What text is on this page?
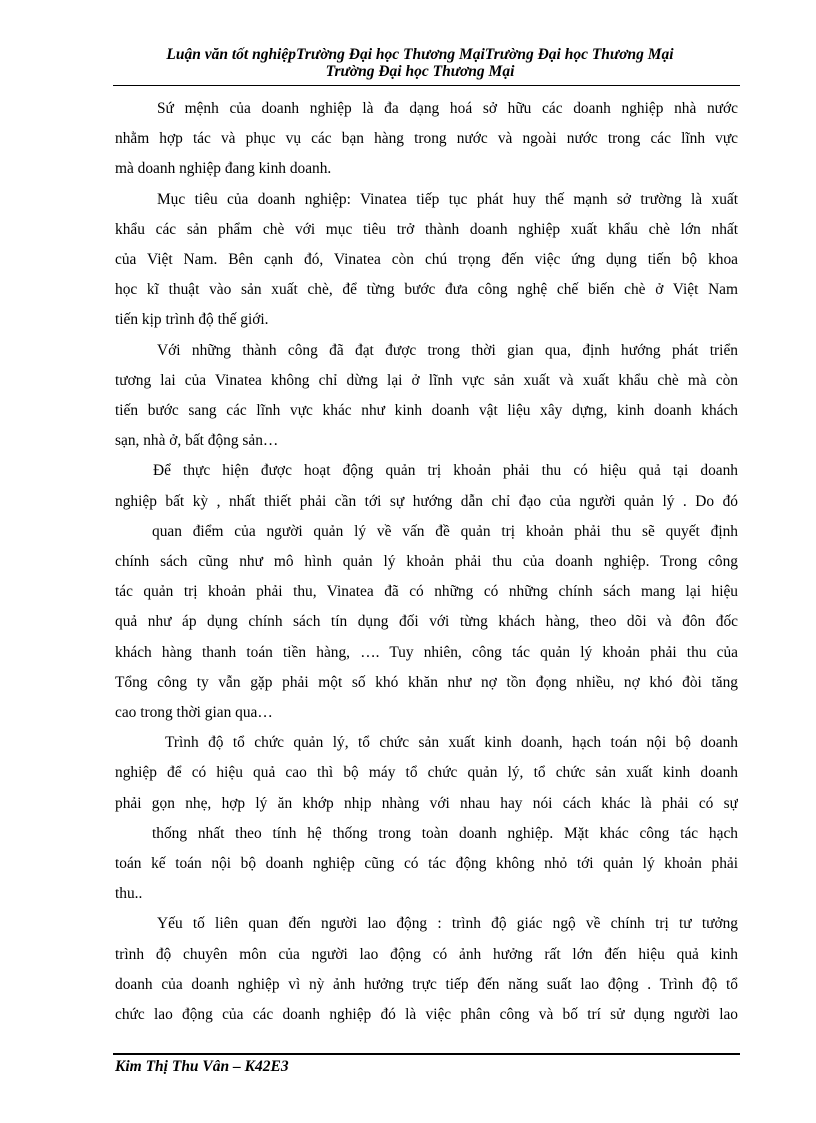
Luận văn tốt nghiệpTrường Đại học Thương MạiTrường Đại học Thương Mại
Trường Đại học Thương Mại
Sứ mệnh của doanh nghiệp là đa dạng hoá sở hữu các doanh nghiệp nhà nước
nhằm hợp tác và phục vụ các bạn hàng trong nước và ngoài nước trong các lĩnh vực
mà doanh nghiệp đang kinh doanh.
Mục tiêu của doanh nghiệp: Vinatea tiếp tục phát huy thế mạnh sở trường là xuất
khẩu các sản phẩm chè với mục tiêu trở thành doanh nghiệp xuất khẩu chè lớn nhất
của Việt Nam. Bên cạnh đó, Vinatea còn chú trọng đến việc ứng dụng tiến bộ khoa
học kĩ thuật vào sản xuất chè, để từng bước đưa công nghệ chế biến chè ở Việt Nam
tiến kịp trình độ thế giới.
Với những thành công đã đạt được trong thời gian qua, định hướng phát triển
tương lai của Vinatea không chỉ dừng lại ở lĩnh vực sản xuất và xuất khẩu chè mà còn
tiến bước sang các lĩnh vực khác như kinh doanh vật liệu xây dựng, kinh doanh khách
sạn, nhà ở, bất động sản…
Để thực hiện được hoạt động quản trị khoản phải thu có hiệu quả tại doanh
nghiệp bất kỳ , nhất thiết phải cần tới sự hướng dẫn chỉ đạo của người quản lý . Do đó
quan điểm của người quản lý về vấn đề quản trị khoản phải thu sẽ quyết định
chính sách cũng như mô hình quản lý khoản phải thu của doanh nghiệp. Trong công
tác quản trị khoản phải thu, Vinatea đã có những có những chính sách mang lại hiệu
quả như áp dụng chính sách tín dụng đối với từng khách hàng, theo dõi và đôn đốc
khách hàng thanh toán tiền hàng, …. Tuy nhiên, công tác quản lý khoản phải thu của
Tổng công ty vẫn gặp phải một số khó khăn như nợ tồn đọng nhiều, nợ khó đòi tăng
cao trong thời gian qua…
Trình độ tổ chức quản lý, tổ chức sản xuất kinh doanh, hạch toán nội bộ doanh
nghiệp để có hiệu quả cao thì bộ máy tổ chức quản lý, tổ chức sản xuất kinh doanh
phải gọn nhẹ, hợp lý ăn khớp nhịp nhàng với nhau hay nói cách khác là phải có sự
thống nhất theo tính hệ thống trong toàn doanh nghiệp. Mặt khác công tác hạch
toán kế toán nội bộ doanh nghiệp cũng có tác động không nhỏ tới quản lý khoản phải
thu..
Yếu tố liên quan đến người lao động : trình độ giác ngộ về chính trị tư tưởng
trình độ chuyên môn của người lao động có ảnh hưởng rất lớn đến hiệu quả kinh
doanh của doanh nghiệp vì nỳ ảnh hưởng trực tiếp đến năng suất lao động . Trình độ tổ
chức lao động của các doanh nghiệp đó là việc phân công và bố trí sử dụng người lao
Kim Thị Thu Vân – K42E3
